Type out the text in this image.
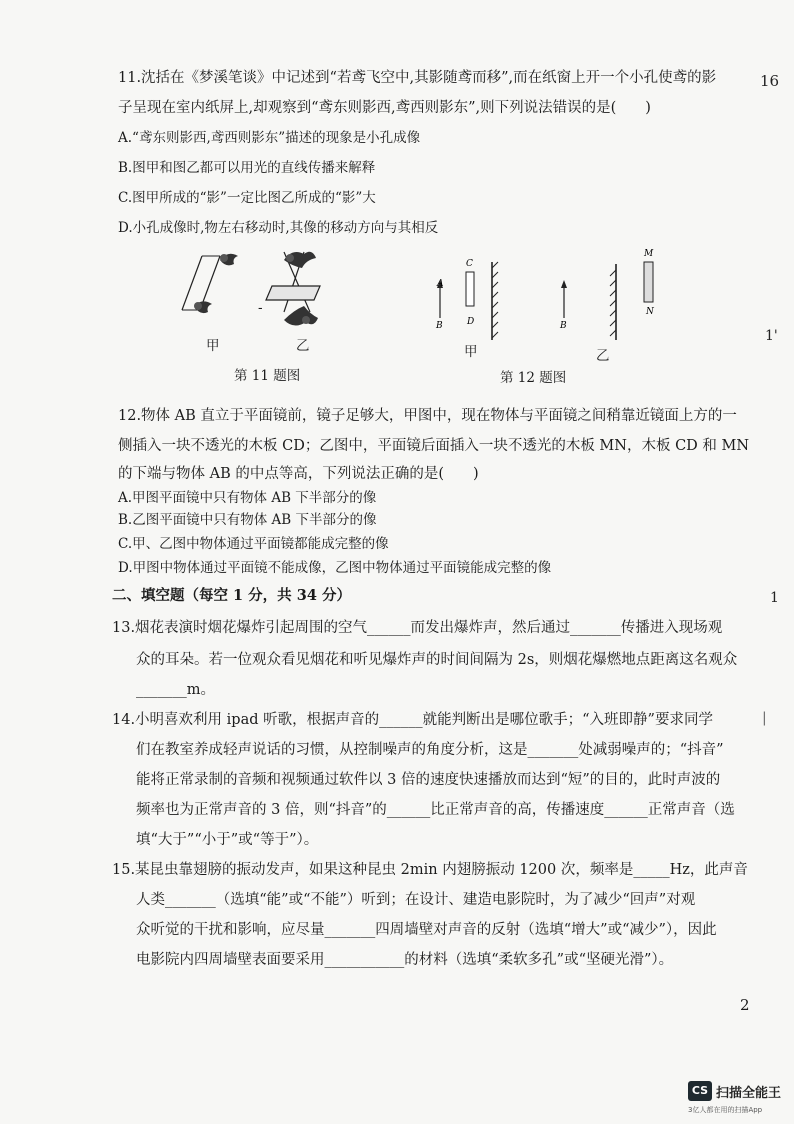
16
1'
1
|
11.沈括在《梦溪笔谈》中记述到“若鸢飞空中,其影随鸢而移”,而在纸窗上开一个小孔使鸢的影
子呈现在室内纸屏上,却观察到“鸢东则影西,鸢西则影东”,则下列说法错误的是(　　)
A.“鸢东则影西,鸢西则影东”描述的现象是小孔成像
B.图甲和图乙都可以用光的直线传播来解释
C.图甲所成的“影”一定比图乙所成的“影”大
D.小孔成像时,物左右移动时,其像的移动方向与其相反
-
甲	乙
第 11 题图
A
B
C
D	B
M
N
甲	乙
第 12 题图
12.物体 AB 直立于平面镜前，镜子足够大，甲图中，现在物体与平面镜之间稍靠近镜面上方的一
侧插入一块不透光的木板 CD；乙图中，平面镜后面插入一块不透光的木板 MN，木板 CD 和 MN
的下端与物体 AB 的中点等高，下列说法正确的是(　　)
A.甲图平面镜中只有物体 AB 下半部分的像
B.乙图平面镜中只有物体 AB 下半部分的像
C.甲、乙图中物体通过平面镜都能成完整的像
D.甲图中物体通过平面镜不能成像，乙图中物体通过平面镜能成完整的像
二、填空题（每空 1 分，共 34 分）
13.烟花表演时烟花爆炸引起周围的空气______而发出爆炸声，然后通过_______传播进入现场观
众的耳朵。若一位观众看见烟花和听见爆炸声的时间间隔为 2s，则烟花爆燃地点距离这名观众
_______m。
14.小明喜欢利用 ipad 听歌，根据声音的______就能判断出是哪位歌手；“入班即静”要求同学
们在教室养成轻声说话的习惯，从控制噪声的角度分析，这是_______处减弱噪声的；“抖音”
能将正常录制的音频和视频通过软件以 3 倍的速度快速播放而达到“短”的目的，此时声波的
频率也为正常声音的 3 倍，则“抖音”的______比正常声音的高，传播速度______正常声音（选
填“大于”“小于”或“等于”）。
15.某昆虫靠翅膀的振动发声，如果这种昆虫 2min 内翅膀振动 1200 次，频率是_____Hz，此声音
人类_______（选填“能”或“不能”）听到；在设计、建造电影院时，为了减少“回声”对观
众听觉的干扰和影响，应尽量_______四周墙壁对声音的反射（选填“增大”或“减少”），因此
电影院内四周墙壁表面要采用___________的材料（选填“柔软多孔”或“坚硬光滑”）。
2
CS 扫描全能王
3亿人都在用的扫描App
